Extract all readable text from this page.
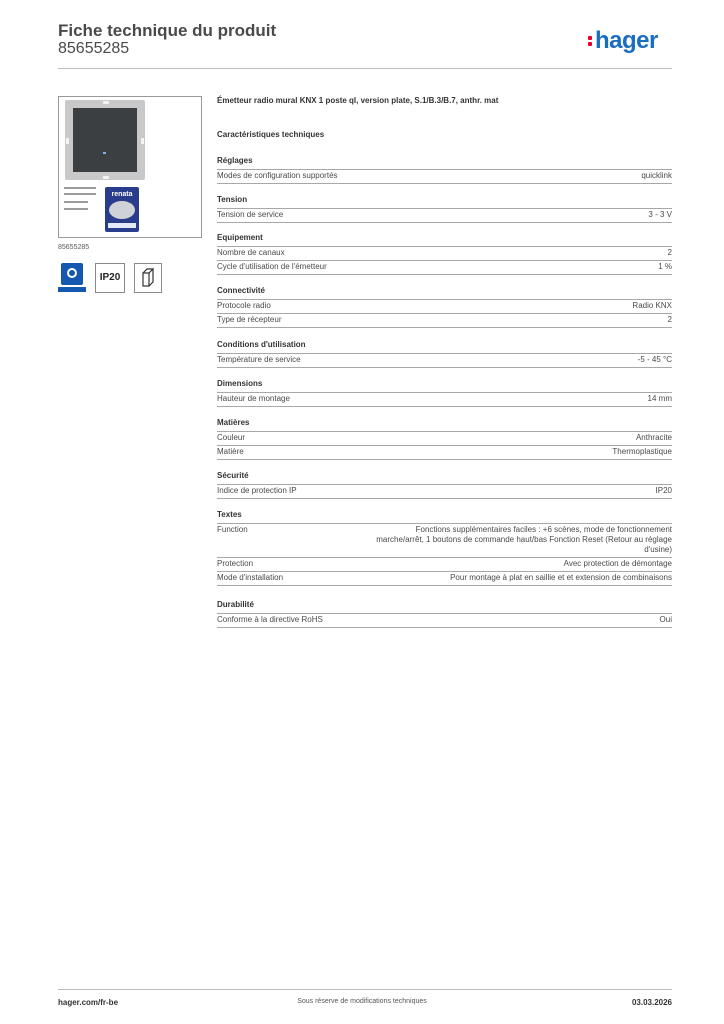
Fiche technique du produit
85655285	hager
renata
85655285
IP20
Émetteur radio mural KNX 1 poste ql, version plate, S.1/B.3/B.7, anthr. mat
Caractéristiques techniques
Réglages
Modes de configuration supportés	quicklink
Tension
Tension de service	3 - 3 V
Equipement
Nombre de canaux	2
Cycle d'utilisation de l'émetteur	1 %
Connectivité
Protocole radio	Radio KNX
Type de récepteur	2
Conditions d'utilisation
Température de service	-5 - 45 °C
Dimensions
Hauteur de montage	14 mm
Matières
Couleur	Anthracite
Matière	Thermoplastique
Sécurité
Indice de protection IP	IP20
Textes
Function	Fonctions supplémentaires faciles : +6 scènes, mode de fonctionnement marche/arrêt, 1 boutons de commande haut/bas Fonction Reset (Retour au réglage d'usine)
Protection	Avec protection de démontage
Mode d'installation	Pour montage à plat en saillie et et extension de combinaisons
Durabilité
Conforme à la directive RoHS	Oui
hager.com/fr-be	Sous réserve de modifications techniques	03.03.2026
